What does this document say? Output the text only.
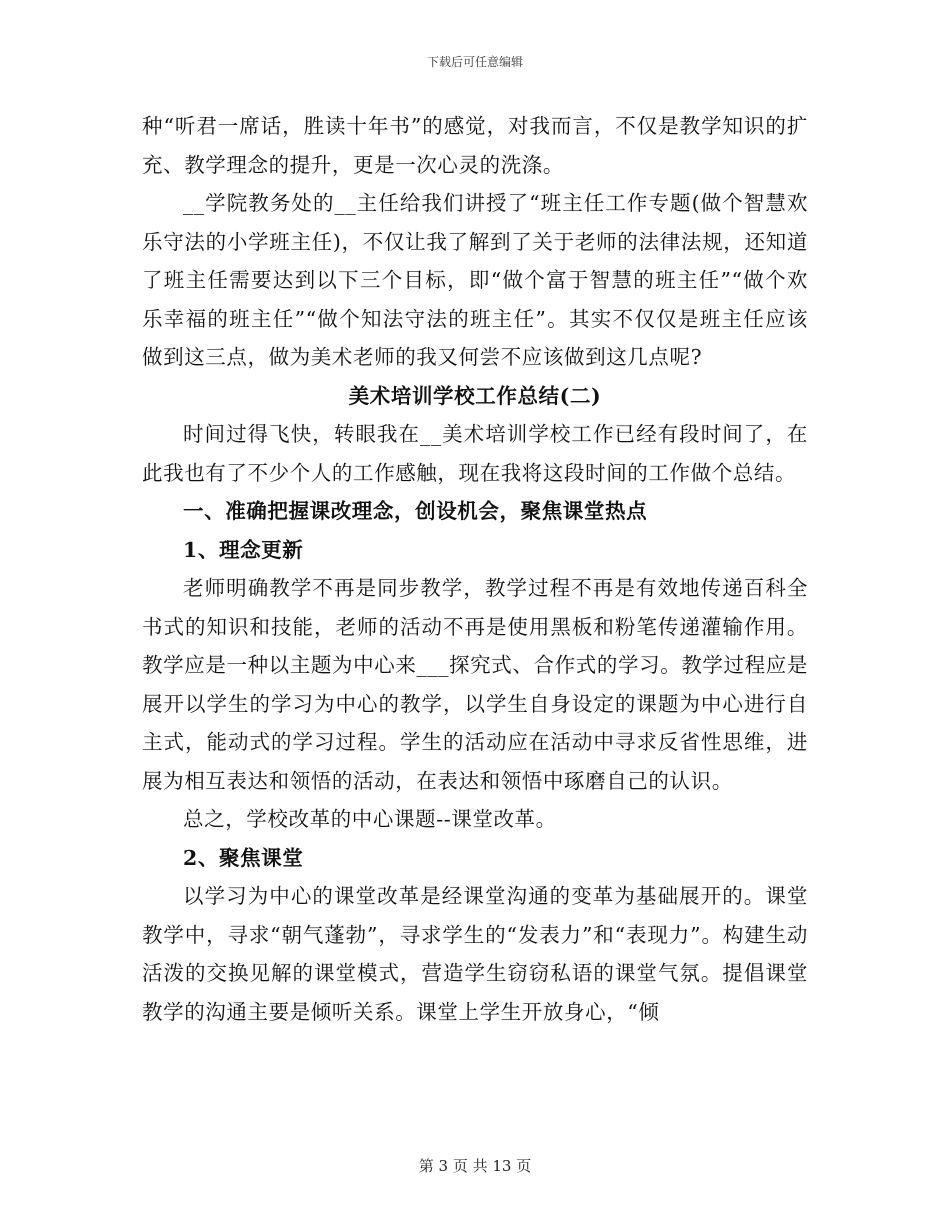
下载后可任意编辑

种“听君一席话，胜读十年书”的感觉，对我而言，不仅是教学知识的扩充、教学理念的提升，更是一次心灵的洗涤。

__学院教务处的__主任给我们讲授了“班主任工作专题(做个智慧欢乐守法的小学班主任)，不仅让我了解到了关于老师的法律法规，还知道了班主任需要达到以下三个目标，即“做个富于智慧的班主任”“做个欢乐幸福的班主任”“做个知法守法的班主任”。其实不仅仅是班主任应该做到这三点，做为美术老师的我又何尝不应该做到这几点呢?

美术培训学校工作总结(二)

时间过得飞快，转眼我在__美术培训学校工作已经有段时间了，在此我也有了不少个人的工作感触，现在我将这段时间的工作做个总结。

一、准确把握课改理念，创设机会，聚焦课堂热点

1、理念更新

老师明确教学不再是同步教学，教学过程不再是有效地传递百科全书式的知识和技能，老师的活动不再是使用黑板和粉笔传递灌输作用。教学应是一种以主题为中心来___探究式、合作式的学习。教学过程应是展开以学生的学习为中心的教学，以学生自身设定的课题为中心进行自主式，能动式的学习过程。学生的活动应在活动中寻求反省性思维，进展为相互表达和领悟的活动，在表达和领悟中琢磨自己的认识。

总之，学校改革的中心课题--课堂改革。

2、聚焦课堂

以学习为中心的课堂改革是经课堂沟通的变革为基础展开的。课堂教学中，寻求“朝气蓬勃”，寻求学生的“发表力”和“表现力”。构建生动活泼的交换见解的课堂模式，营造学生窃窃私语的课堂气氛。提倡课堂教学的沟通主要是倾听关系。课堂上学生开放身心，“倾

第 3 页 共 13 页
